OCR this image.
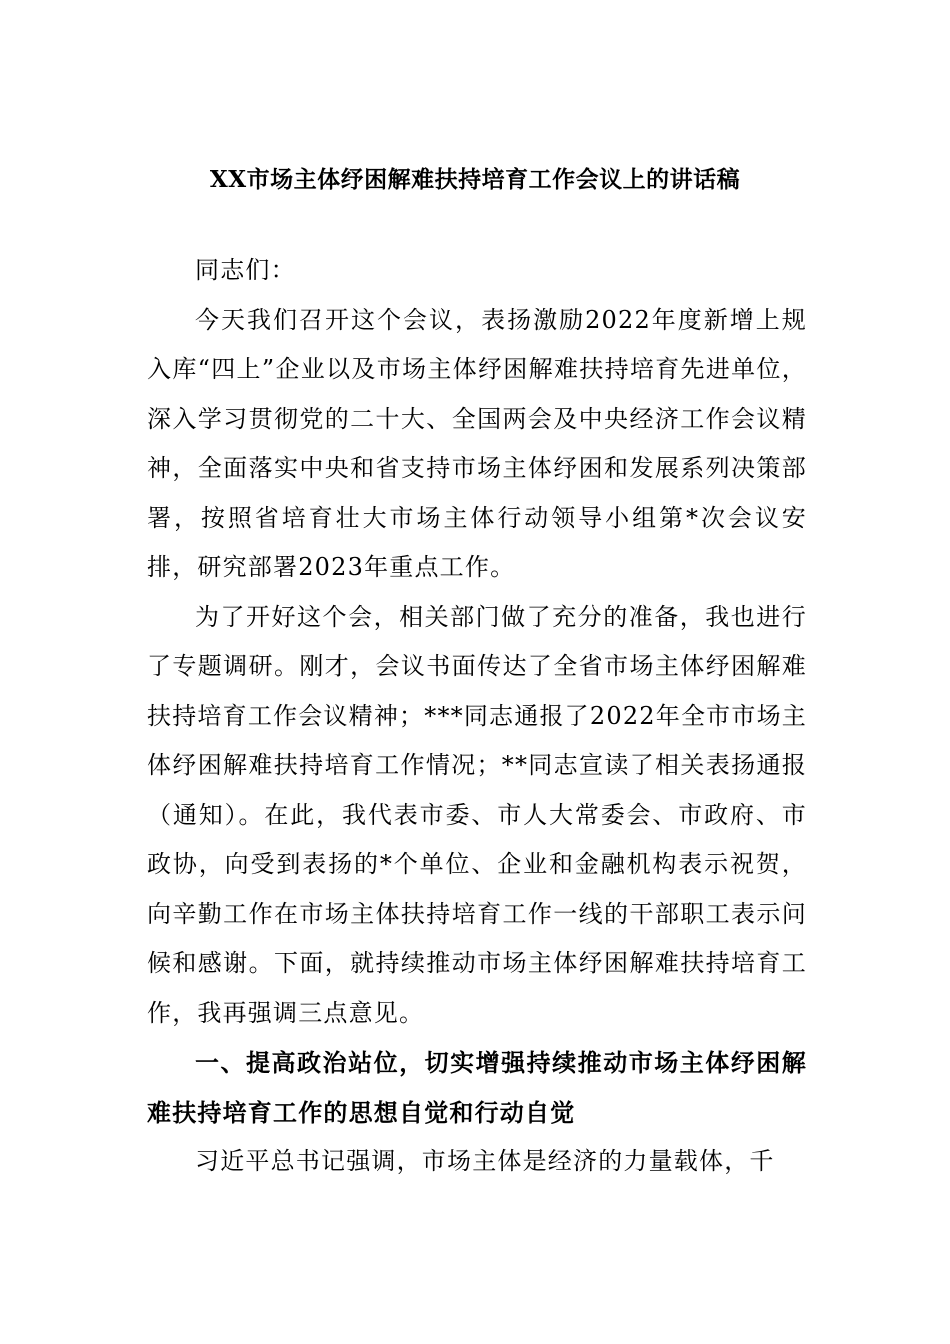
XX市场主体纾困解难扶持培育工作会议上的讲话稿

同志们：

今天我们召开这个会议，表扬激励2022年度新增上规入库“四上”企业以及市场主体纾困解难扶持培育先进单位，深入学习贯彻党的二十大、全国两会及中央经济工作会议精神，全面落实中央和省支持市场主体纾困和发展系列决策部署，按照省培育壮大市场主体行动领导小组第*次会议安排，研究部署2023年重点工作。

为了开好这个会，相关部门做了充分的准备，我也进行了专题调研。刚才，会议书面传达了全省市场主体纾困解难扶持培育工作会议精神；***同志通报了2022年全市市场主体纾困解难扶持培育工作情况；**同志宣读了相关表扬通报（通知）。在此，我代表市委、市人大常委会、市政府、市政协，向受到表扬的*个单位、企业和金融机构表示祝贺，向辛勤工作在市场主体扶持培育工作一线的干部职工表示问候和感谢。下面，就持续推动市场主体纾困解难扶持培育工作，我再强调三点意见。

一、提高政治站位，切实增强持续推动市场主体纾困解难扶持培育工作的思想自觉和行动自觉

习近平总书记强调，市场主体是经济的力量载体，千
